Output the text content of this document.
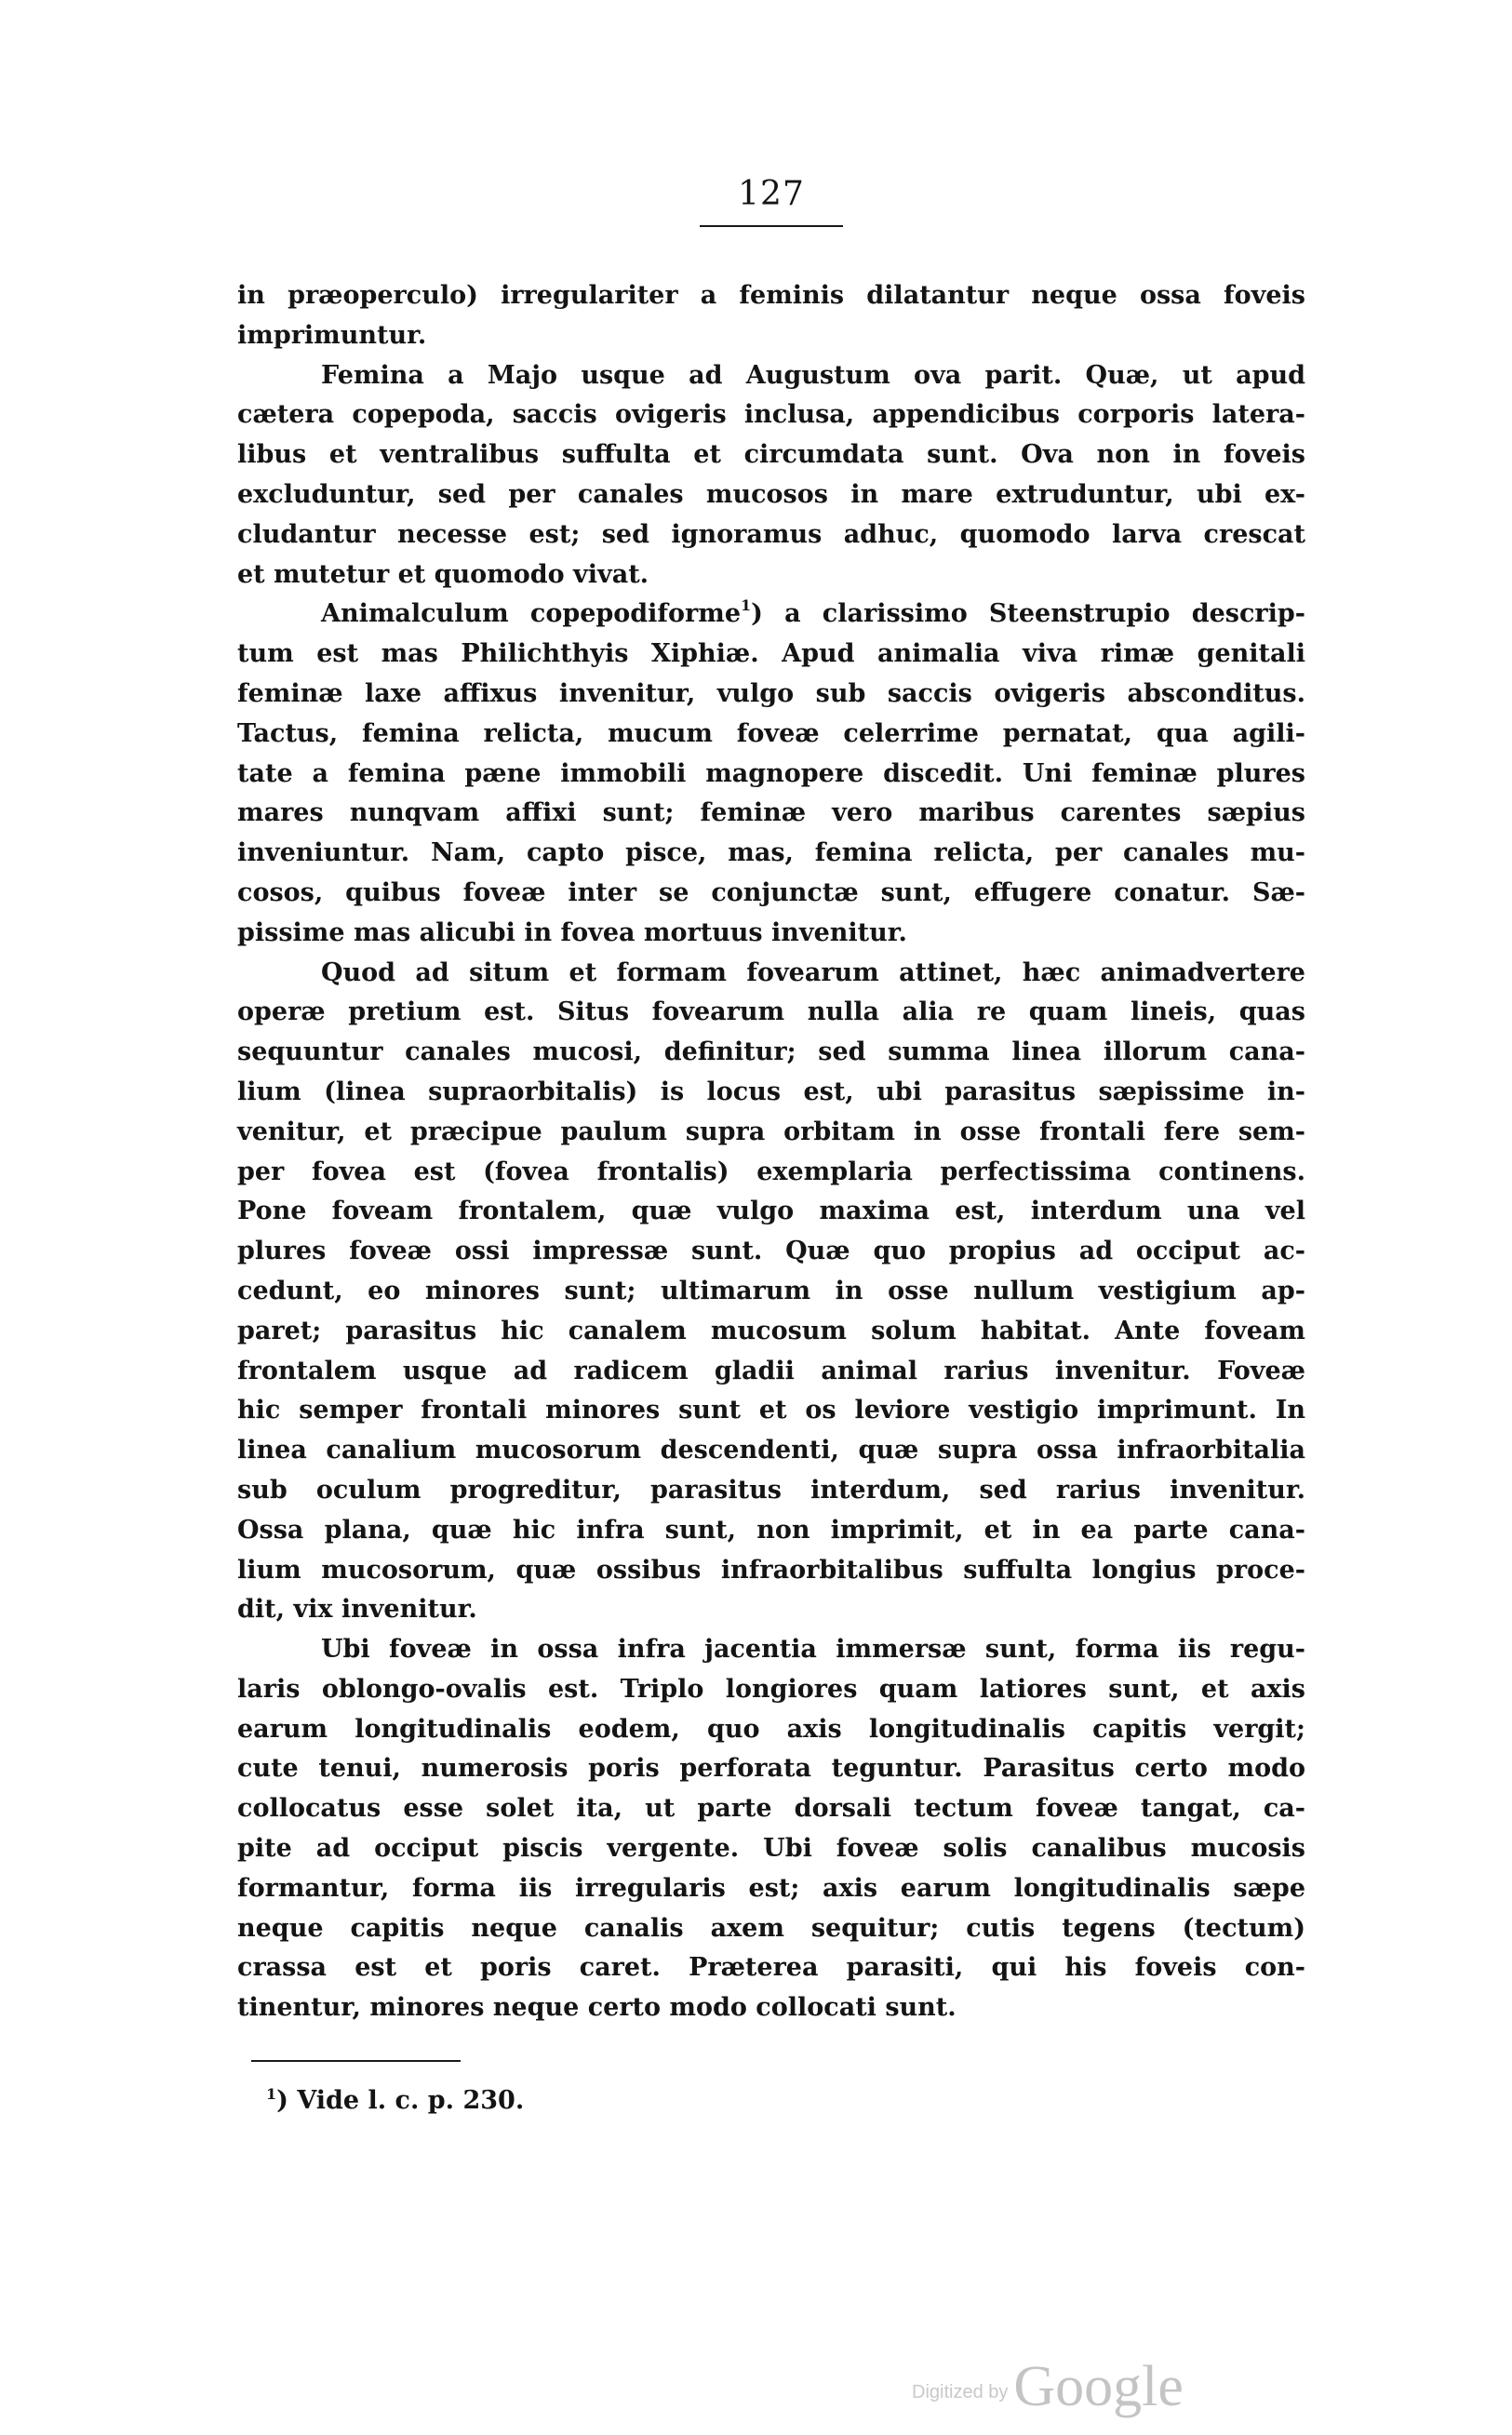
127
in præoperculo) irregulariter a feminis dilatantur neque ossa foveis
imprimuntur.
Femina a Majo usque ad Augustum ova parit. Quæ, ut apud
cætera copepoda, saccis ovigeris inclusa, appendicibus corporis latera-
libus et ventralibus suffulta et circumdata sunt. Ova non in foveis
excluduntur, sed per canales mucosos in mare extruduntur, ubi ex-
cludantur necesse est; sed ignoramus adhuc, quomodo larva crescat
et mutetur et quomodo vivat.
Animalculum copepodiforme$^1$) a clarissimo Steenstrupio descrip-
tum est mas Philichthyis Xiphiæ. Apud animalia viva rimæ genitali
feminæ laxe affixus invenitur, vulgo sub saccis ovigeris absconditus.
Tactus, femina relicta, mucum foveæ celerrime pernatat, qua agili-
tate a femina pæne immobili magnopere discedit. Uni feminæ plures
mares nunqvam affixi sunt; feminæ vero maribus carentes sæpius
inveniuntur. Nam, capto pisce, mas, femina relicta, per canales mu-
cosos, quibus foveæ inter se conjunctæ sunt, effugere conatur. Sæ-
pissime mas alicubi in fovea mortuus invenitur.
Quod ad situm et formam fovearum attinet, hæc animadvertere
operæ pretium est. Situs fovearum nulla alia re quam lineis, quas
sequuntur canales mucosi, definitur; sed summa linea illorum cana-
lium (linea supraorbitalis) is locus est, ubi parasitus sæpissime in-
venitur, et præcipue paulum supra orbitam in osse frontali fere sem-
per fovea est (fovea frontalis) exemplaria perfectissima continens.
Pone foveam frontalem, quæ vulgo maxima est, interdum una vel
plures foveæ ossi impressæ sunt. Quæ quo propius ad occiput ac-
cedunt, eo minores sunt; ultimarum in osse nullum vestigium ap-
paret; parasitus hic canalem mucosum solum habitat. Ante foveam
frontalem usque ad radicem gladii animal rarius invenitur. Foveæ
hic semper frontali minores sunt et os leviore vestigio imprimunt. In
linea canalium mucosorum descendenti, quæ supra ossa infraorbitalia
sub oculum progreditur, parasitus interdum, sed rarius invenitur.
Ossa plana, quæ hic infra sunt, non imprimit, et in ea parte cana-
lium mucosorum, quæ ossibus infraorbitalibus suffulta longius proce-
dit, vix invenitur.
Ubi foveæ in ossa infra jacentia immersæ sunt, forma iis regu-
laris oblongo-ovalis est. Triplo longiores quam latiores sunt, et axis
earum longitudinalis eodem, quo axis longitudinalis capitis vergit;
cute tenui, numerosis poris perforata teguntur. Parasitus certo modo
collocatus esse solet ita, ut parte dorsali tectum foveæ tangat, ca-
pite ad occiput piscis vergente. Ubi foveæ solis canalibus mucosis
formantur, forma iis irregularis est; axis earum longitudinalis sæpe
neque capitis neque canalis axem sequitur; cutis tegens (tectum)
crassa est et poris caret. Præterea parasiti, qui his foveis con-
tinentur, minores neque certo modo collocati sunt.
$^1$) Vide l. c. p. 230.
Digitized byGoogle
